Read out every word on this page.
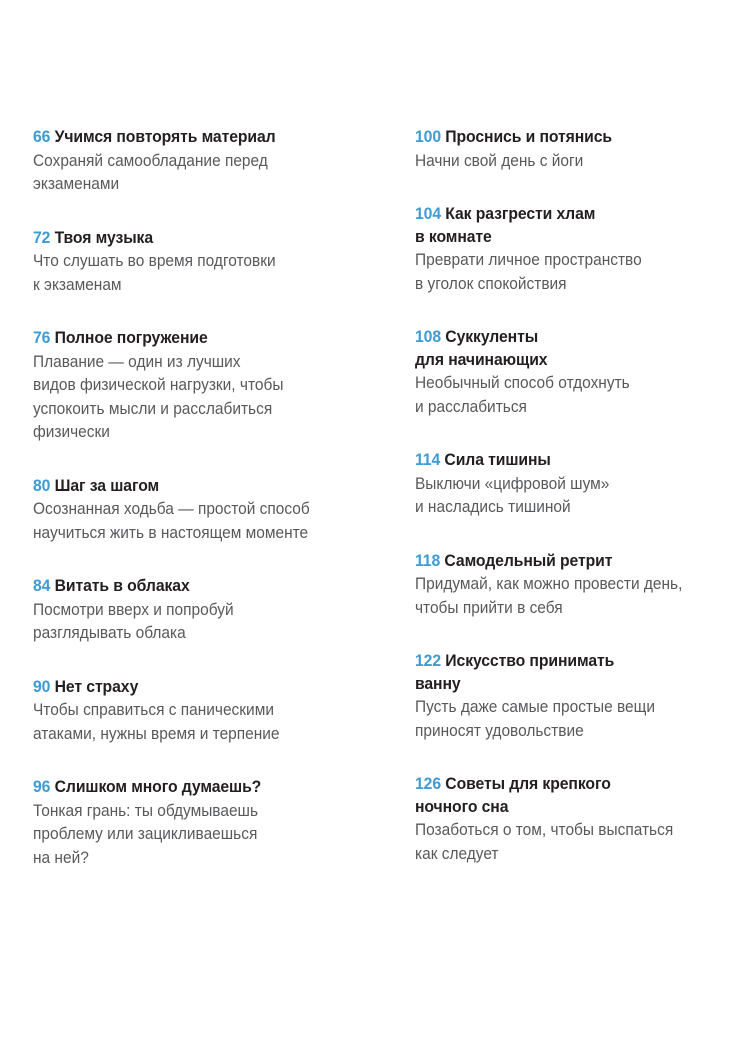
66 Учимся повторять материал
Сохраняй самообладание перед
экзаменами
72 Твоя музыка
Что слушать во время подготовки
к экзаменам
76 Полное погружение
Плавание — один из лучших
видов физической нагрузки, чтобы
успокоить мысли и расслабиться
физически
80 Шаг за шагом
Осознанная ходьба — простой способ
научиться жить в настоящем моменте
84 Витать в облаках
Посмотри вверх и попробуй
разглядывать облака
90 Нет страху
Чтобы справиться с паническими
атаками, нужны время и терпение
96 Слишком много думаешь?
Тонкая грань: ты обдумываешь
проблему или зацикливаешься
на ней?
100 Проснись и потянись
Начни свой день с йоги
104 Как разгрести хлам
в комнате
Преврати личное пространство
в уголок спокойствия
108 Суккуленты
для начинающих
Необычный способ отдохнуть
и расслабиться
114 Сила тишины
Выключи «цифровой шум»
и насладись тишиной
118 Самодельный ретрит
Придумай, как можно провести день,
чтобы прийти в себя
122 Искусство принимать
ванну
Пусть даже самые простые вещи
приносят удовольствие
126 Советы для крепкого
ночного сна
Позаботься о том, чтобы выспаться
как следует
